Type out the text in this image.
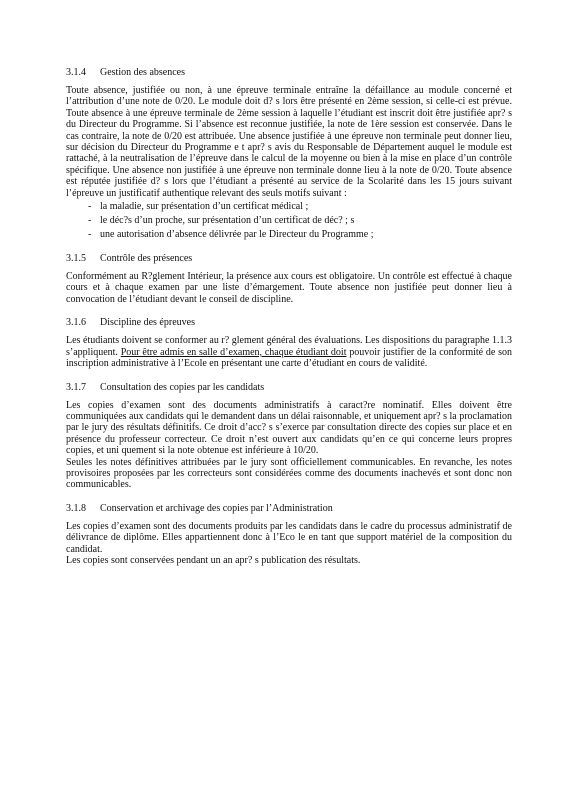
3.1.4 Gestion des absences

Toute absence, justifiée ou non, à une épreuve terminale entraîne la défaillance au module concerné et l’attribution d’une note de 0/20. Le module doit d? s lors être présenté en 2ème session, si celle-ci est prévue. Toute absence à une épreuve terminale de 2ème session à laquelle l’étudiant est inscrit doit être justifiée apr? s du Directeur du Programme. Si l’absence est reconnue justifiée, la note de 1ère session est conservée. Dans le cas contraire, la note de 0/20 est attribuée. Une absence justifiée à une épreuve non terminale peut donner lieu, sur décision du Directeur du Programme e t apr? s avis du Responsable de Département auquel le module est rattaché, à la neutralisation de l’épreuve dans le calcul de la moyenne ou bien à la mise en place d’un contrôle spécifique. Une absence non justifiée à une épreuve non terminale donne lieu à la note de 0/20. Toute absence est réputée justifiée d? s lors que l’étudiant a présenté au service de la Scolarité dans les 15 jours suivant l’épreuve un justificatif authentique relevant des seuls motifs suivant :

- la maladie, sur présentation d’un certificat médical ;
- le déc?s d’un proche, sur présentation d’un certificat de déc? ; s
- une autorisation d’absence délivrée par le Directeur du Programme ;
3.1.5 Contrôle des présences

Conformément au R?glement Intérieur, la présence aux cours est obligatoire. Un contrôle est effectué à chaque cours et à chaque examen par une liste d’émargement. Toute absence non justifiée peut donner lieu à convocation de l’étudiant devant le conseil de discipline.

3.1.6 Discipline des épreuves

Les étudiants doivent se conformer au r? glement général des évaluations. Les dispositions du paragraphe 1.1.3 s’appliquent. Pour être admis en salle d’examen, chaque étudiant doit pouvoir justifier de la conformité de son inscription administrative à l’Ecole en présentant une carte d’étudiant en cours de validité.

3.1.7 Consultation des copies par les candidats

Les copies d’examen sont des documents administratifs à caract?re nominatif. Elles doivent être communiquées aux candidats qui le demandent dans un délai raisonnable, et uniquement apr? s la proclamation par le jury des résultats définitifs. Ce droit d’acc? s s’exerce par consultation directe des copies sur place et en présence du professeur correcteur. Ce droit n’est ouvert aux candidats qu’en ce qui concerne leurs propres copies, et uni quement si la note obtenue est inférieure à 10/20.

Seules les notes définitives attribuées par le jury sont officiellement communicables. En revanche, les notes provisoires proposées par les correcteurs sont considérées comme des documents inachevés et sont donc non communicables.

3.1.8 Conservation et archivage des copies par l’Administration

Les copies d’examen sont des documents produits par les candidats dans le cadre du processus administratif de délivrance de diplôme. Elles appartiennent donc à l’Eco le en tant que support matériel de la composition du candidat.

Les copies sont conservées pendant un an apr? s publication des résultats.
